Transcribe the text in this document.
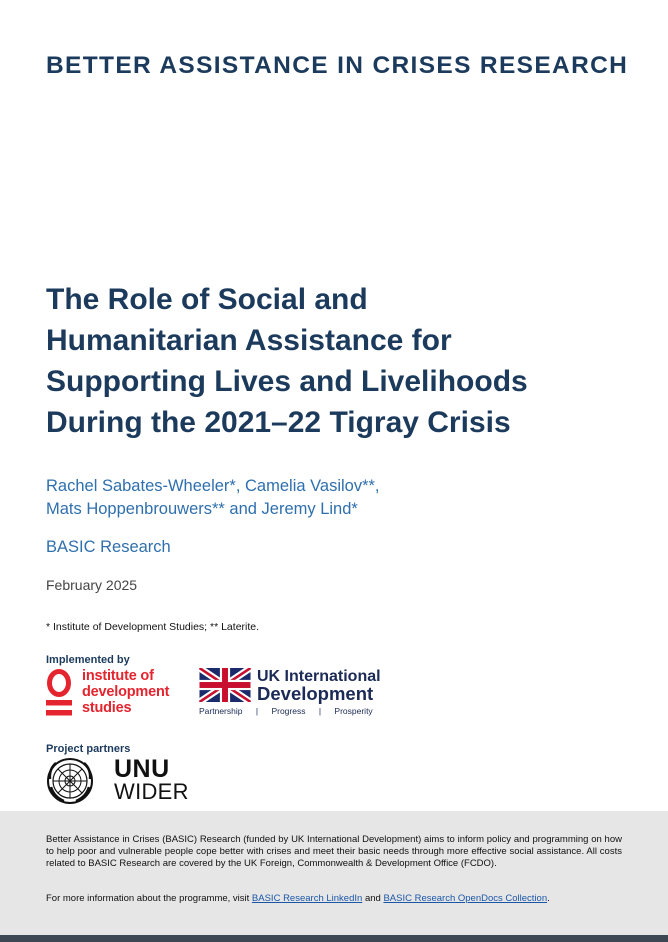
BETTER ASSISTANCE IN CRISES RESEARCH
The Role of Social and
Humanitarian Assistance for
Supporting Lives and Livelihoods
During the 2021–22 Tigray Crisis
Rachel Sabates-Wheeler*, Camelia Vasilov**,
Mats Hoppenbrouwers** and Jeremy Lind*
BASIC Research
February 2025
* Institute of Development Studies; ** Laterite.
Implemented by
institute of
development
studies
UK International
Development
Partnership | Progress | Prosperity
Project partners
UNU
WIDER
Better Assistance in Crises (BASIC) Research (funded by UK International Development) aims to inform policy and programming on how to help poor and vulnerable people cope better with crises and meet their basic needs through more effective social assistance. All costs related to BASIC Research are covered by the UK Foreign, Commonwealth & Development Office (FCDO).
For more information about the programme, visit BASIC Research LinkedIn and BASIC Research OpenDocs Collection.
